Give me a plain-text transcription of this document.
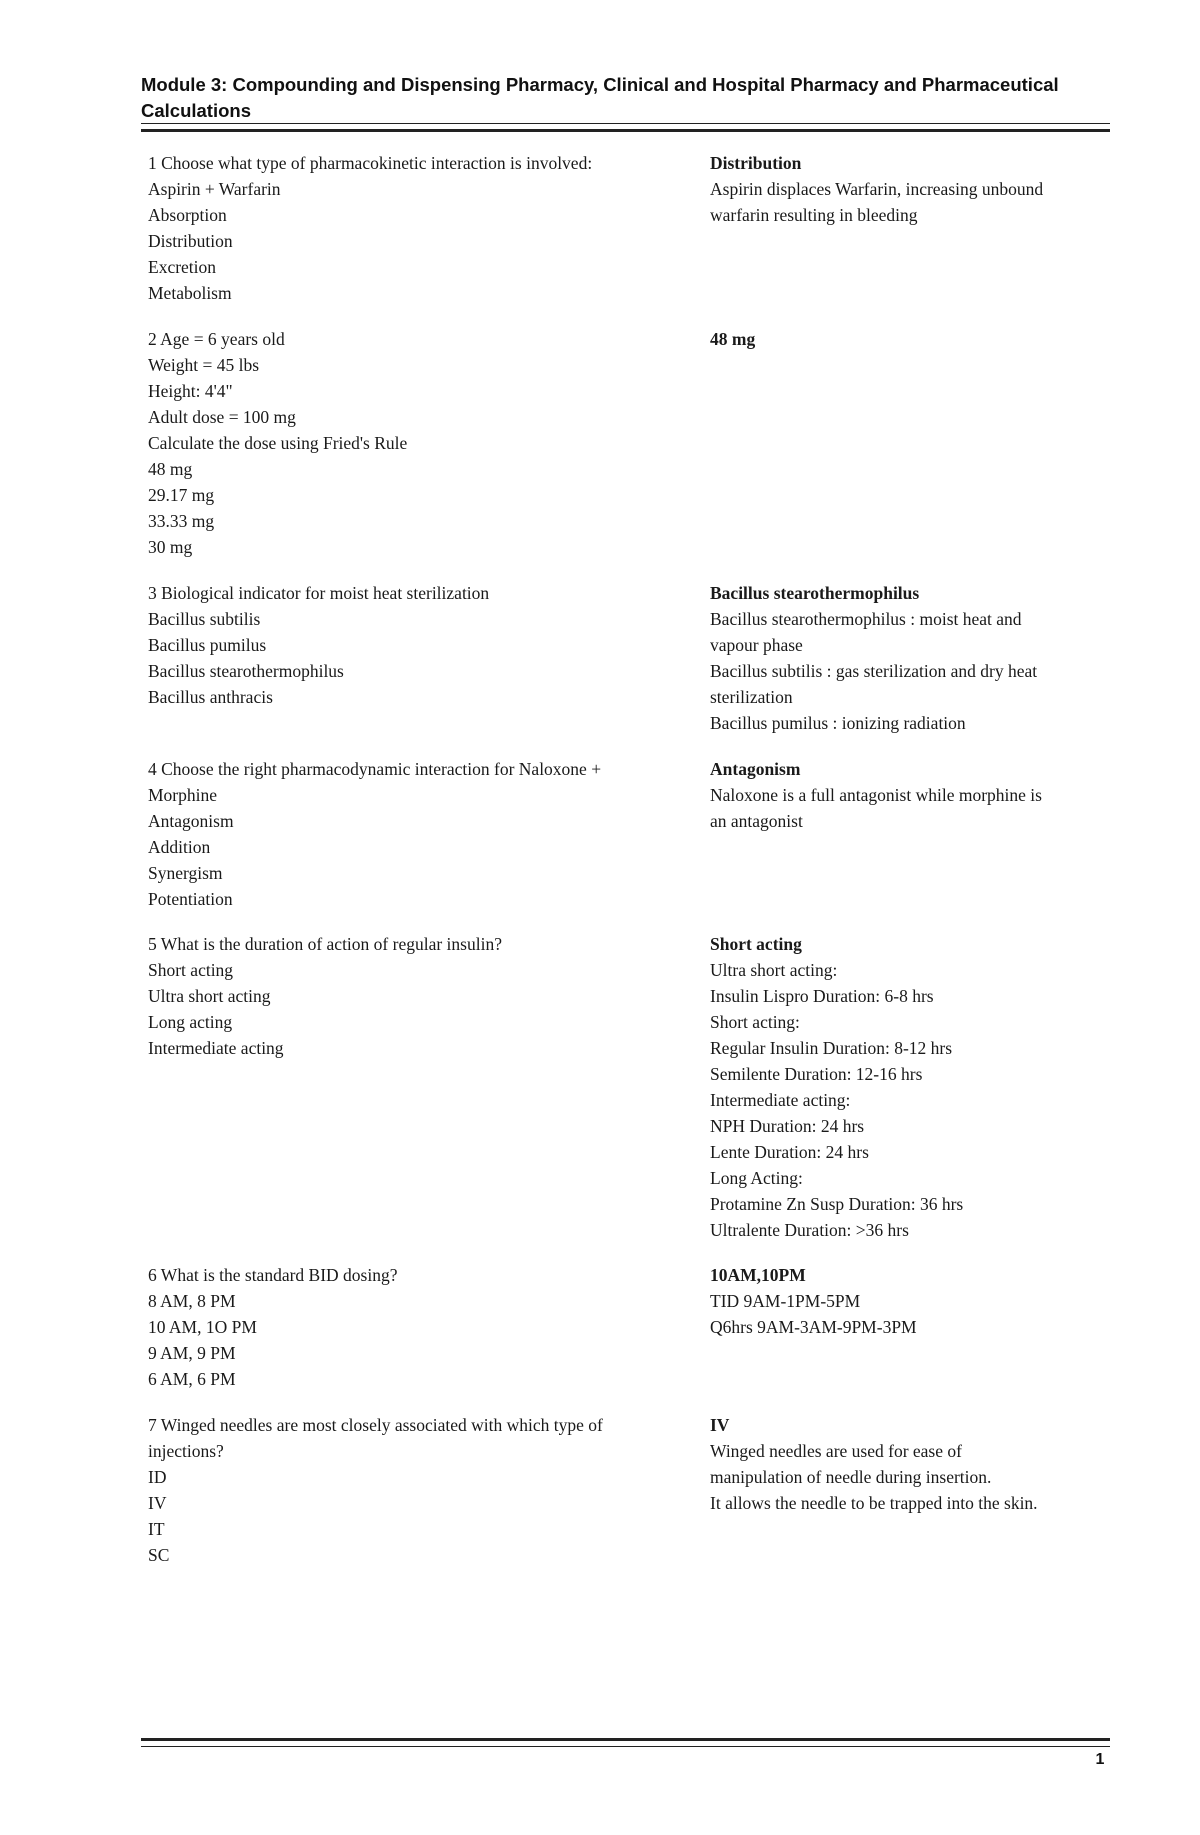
Module 3: Compounding and Dispensing Pharmacy, Clinical and Hospital Pharmacy and Pharmaceutical
Calculations
1 Choose what type of pharmacokinetic interaction is involved:
Aspirin + Warfarin
Absorption
Distribution
Excretion
Metabolism
Distribution
Aspirin displaces Warfarin, increasing unbound
warfarin resulting in bleeding
2 Age = 6 years old
Weight = 45 lbs
Height: 4'4"
Adult dose = 100 mg
Calculate the dose using Fried's Rule
48 mg
29.17 mg
33.33 mg
30 mg
48 mg
3 Biological indicator for moist heat sterilization
Bacillus subtilis
Bacillus pumilus
Bacillus stearothermophilus
Bacillus anthracis
Bacillus stearothermophilus
Bacillus stearothermophilus : moist heat and
vapour phase
Bacillus subtilis : gas sterilization and dry heat
sterilization
Bacillus pumilus : ionizing radiation
4 Choose the right pharmacodynamic interaction for Naloxone +
Morphine
Antagonism
Addition
Synergism
Potentiation
Antagonism
Naloxone is a full antagonist while morphine is
an antagonist
5 What is the duration of action of regular insulin?
Short acting
Ultra short acting
Long acting
Intermediate acting
Short acting
Ultra short acting:
Insulin Lispro Duration: 6-8 hrs
Short acting:
Regular Insulin Duration: 8-12 hrs
Semilente Duration: 12-16 hrs
Intermediate acting:
NPH Duration: 24 hrs
Lente Duration: 24 hrs
Long Acting:
Protamine Zn Susp Duration: 36 hrs
Ultralente Duration: >36 hrs
6 What is the standard BID dosing?
8 AM, 8 PM
10 AM, 1O PM
9 AM, 9 PM
6 AM, 6 PM
10AM,10PM
TID 9AM-1PM-5PM
Q6hrs 9AM-3AM-9PM-3PM
7 Winged needles are most closely associated with which type of
injections?
ID
IV
IT
SC
IV
Winged needles are used for ease of
manipulation of needle during insertion.
It allows the needle to be trapped into the skin.
1
